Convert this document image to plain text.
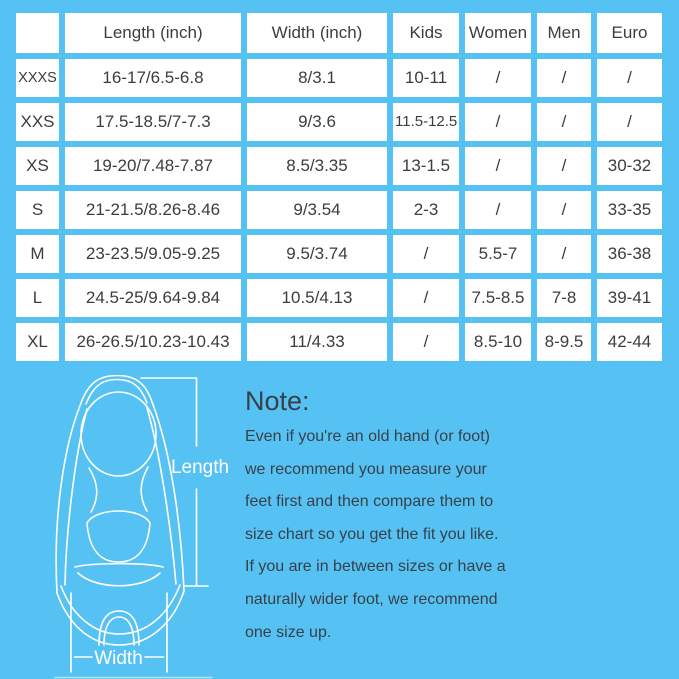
	Length (inch)	Width (inch)	Kids	Women	Men	Euro
XXXS	16-17/6.5-6.8	8/3.1	10-11	/	/	/
XXS	17.5-18.5/7-7.3	9/3.6	11.5-12.5	/	/	/
XS	19-20/7.48-7.87	8.5/3.35	13-1.5	/	/	30-32
S	21-21.5/8.26-8.46	9/3.54	2-3	/	/	33-35
M	23-23.5/9.05-9.25	9.5/3.74	/	5.5-7	/	36-38
L	24.5-25/9.64-9.84	10.5/4.13	/	7.5-8.5	7-8	39-41
XL	26-26.5/10.23-10.43	11/4.33	/	8.5-10	8-9.5	42-44
Length
Width
Note:
Even if you're an old hand (or foot)
we recommend you measure your
feet first and then compare them to
size chart so you get the fit you like.
If you are in between sizes or have a
naturally wider foot, we recommend
one size up.
